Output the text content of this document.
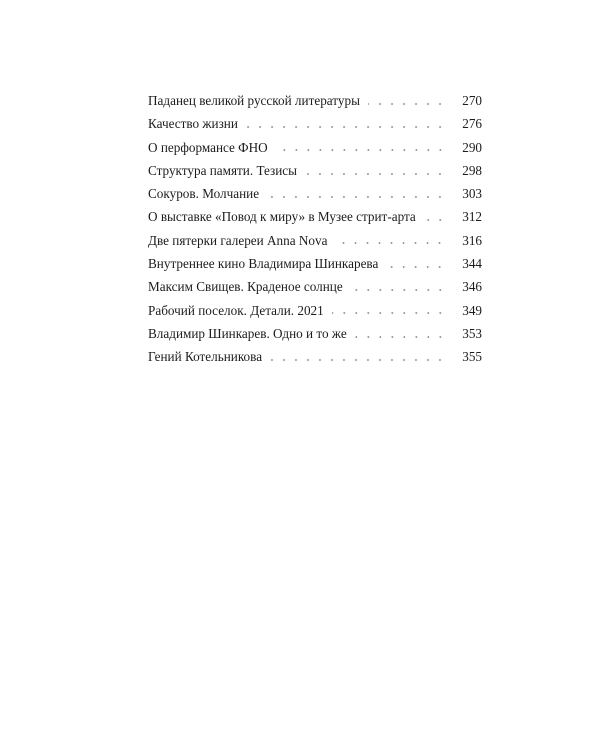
Паданец великой русской литературы	270
Качество жизни	276
О перформансе ФНО	290
Структура памяти. Тезисы	298
Сокуров. Молчание	303
О выставке «Повод к миру» в Музее стрит-арта	312
Две пятерки галереи Anna Nova	316
Внутреннее кино Владимира Шинкарева	344
Максим Свищев. Краденое солнце	346
Рабочий поселок. Детали. 2021	349
Владимир Шинкарев. Одно и то же	353
Гений Котельникова	355
